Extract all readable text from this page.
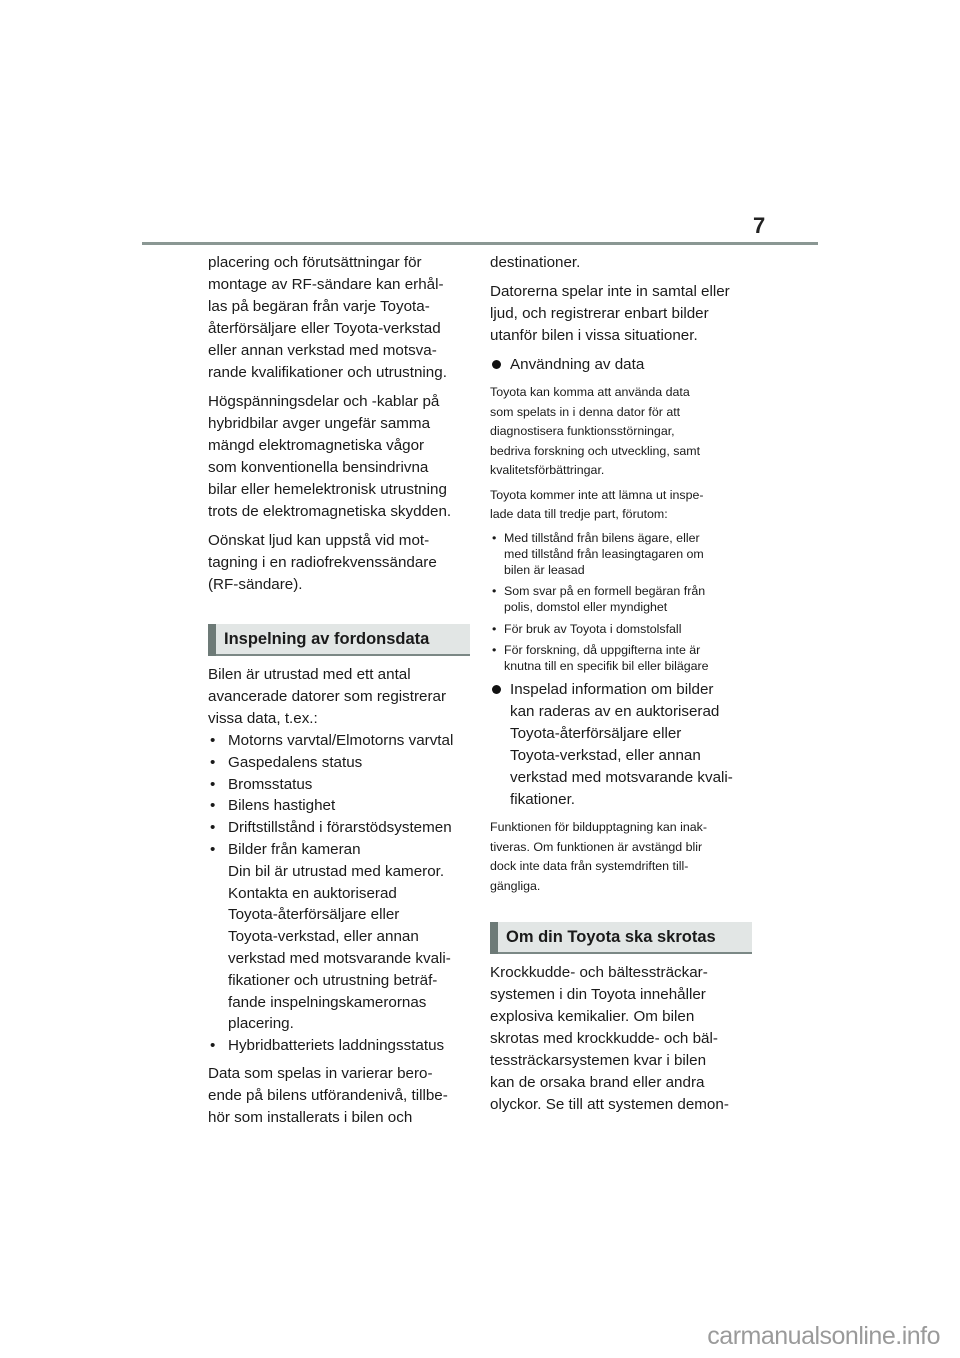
7

placering och förutsättningar för
montage av RF-sändare kan erhål-
las på begäran från varje Toyota-
återförsäljare eller Toyota-verkstad
eller annan verkstad med motsva-
rande kvalifikationer och utrustning.

Högspänningsdelar och -kablar på
hybridbilar avger ungefär samma
mängd elektromagnetiska vågor
som konventionella bensindrivna
bilar eller hemelektronisk utrustning
trots de elektromagnetiska skydden.

Oönskat ljud kan uppstå vid mot-
tagning i en radiofrekvenssändare
(RF-sändare).

Inspelning av fordonsdata

Bilen är utrustad med ett antal
avancerade datorer som registrerar
vissa data, t.ex.:

• Motorns varvtal/Elmotorns varvtal
• Gaspedalens status
• Bromsstatus
• Bilens hastighet
• Driftstillstånd i förarstödsystemen
• Bilder från kameran
Din bil är utrustad med kameror.
Kontakta en auktoriserad
Toyota-återförsäljare eller
Toyota-verkstad, eller annan
verkstad med motsvarande kvali-
fikationer och utrustning beträf-
fande inspelningskamerornas
placering.
• Hybridbatteriets laddningsstatus

Data som spelas in varierar bero-
ende på bilens utförandenivå, tillbe-
hör som installerats i bilen och

destinationer.

Datorerna spelar inte in samtal eller
ljud, och registrerar enbart bilder
utanför bilen i vissa situationer.

Användning av data

Toyota kan komma att använda data
som spelats in i denna dator för att
diagnostisera funktionsstörningar,
bedriva forskning och utveckling, samt
kvalitetsförbättringar.

Toyota kommer inte att lämna ut inspe-
lade data till tredje part, förutom:

• Med tillstånd från bilens ägare, eller
med tillstånd från leasingtagaren om
bilen är leasad
• Som svar på en formell begäran från
polis, domstol eller myndighet
• För bruk av Toyota i domstolsfall
• För forskning, då uppgifterna inte är
knutna till en specifik bil eller bilägare
Inspelad information om bilder
kan raderas av en auktoriserad
Toyota-återförsäljare eller
Toyota-verkstad, eller annan
verkstad med motsvarande kvali-
fikationer.

Funktionen för bildupptagning kan inak-
tiveras. Om funktionen är avstängd blir
dock inte data från systemdriften till-
gängliga.

Om din Toyota ska skrotas

Krockkudde- och bältessträckar-
systemen i din Toyota innehåller
explosiva kemikalier. Om bilen
skrotas med krockkudde- och bäl-
tessträckarsystemen kvar i bilen
kan de orsaka brand eller andra
olyckor. Se till att systemen demon-

carmanualsonline.info
